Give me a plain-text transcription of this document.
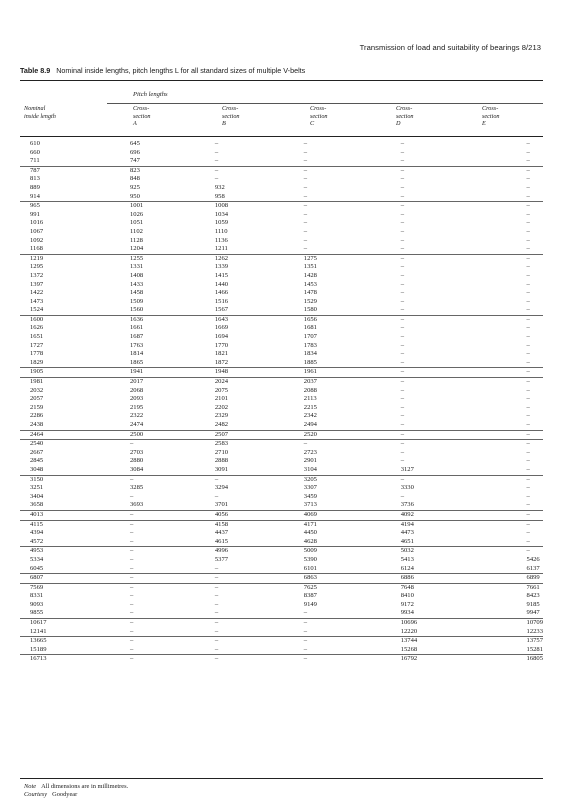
Transmission of load and suitability of bearings 8/213
Table 8.9 Nominal inside lengths, pitch lengths L for all standard sizes of multiple V-belts
Pitch lengths
Nominal
inside length
Cross-
section
A
Cross-
section
B
Cross-
section
C
Cross-
section
D
Cross-
section
E
610	645	–	–	–	–
660	696	–	–	–	–
711	747	–	–	–	–
787	823	–	–	–	–
813	848	–	–	–	–
889	925	932	–	–	–
914	950	958	–	–	–
965	1001	1008	–	–	–
991	1026	1034	–	–	–
1016	1051	1059	–	–	–
1067	1102	1110	–	–	–
1092	1128	1136	–	–	–
1168	1204	1211	–	–	–
1219	1255	1262	1275	–	–
1295	1331	1339	1351	–	–
1372	1408	1415	1428	–	–
1397	1433	1440	1453	–	–
1422	1458	1466	1478	–	–
1473	1509	1516	1529	–	–
1524	1560	1567	1580	–	–
1600	1636	1643	1656	–	–
1626	1661	1669	1681	–	–
1651	1687	1694	1707	–	–
1727	1763	1770	1783	–	–
1778	1814	1821	1834	–	–
1829	1865	1872	1885	–	–
1905	1941	1948	1961	–	–
1981	2017	2024	2037	–	–
2032	2068	2075	2088	–	–
2057	2093	2101	2113	–	–
2159	2195	2202	2215	–	–
2286	2322	2329	2342	–	–
2438	2474	2482	2494	–	–
2464	2500	2507	2520	–	–
2540	–	2583	–	–	–
2667	2703	2710	2723	–	–
2845	2880	2888	2901	–	–
3048	3084	3091	3104	3127	–
3150	–	–	3205	–	–
3251	3285	3294	3307	3330	–
3404	–	–	3459	–	–
3658	3693	3701	3713	3736	–
4013	–	4056	4069	4092	–
4115	–	4158	4171	4194	–
4394	–	4437	4450	4473	–
4572	–	4615	4628	4651	–
4953	–	4996	5009	5032	–
5334	–	5377	5390	5413	5426
6045	–	–	6101	6124	6137
6807	–	–	6863	6886	6899
7569	–	–	7625	7648	7661
8331	–	–	8387	8410	8423
9093	–	–	9149	9172	9185
9855	–	–	–	9934	9947
10617	–	–	–	10696	10709
12141	–	–	–	12220	12233
13665	–	–	–	13744	13757
15189	–	–	–	15268	15281
16713	–	–	–	16792	16805
Note All dimensions are in millimetres.
Courtesy Goodyear
